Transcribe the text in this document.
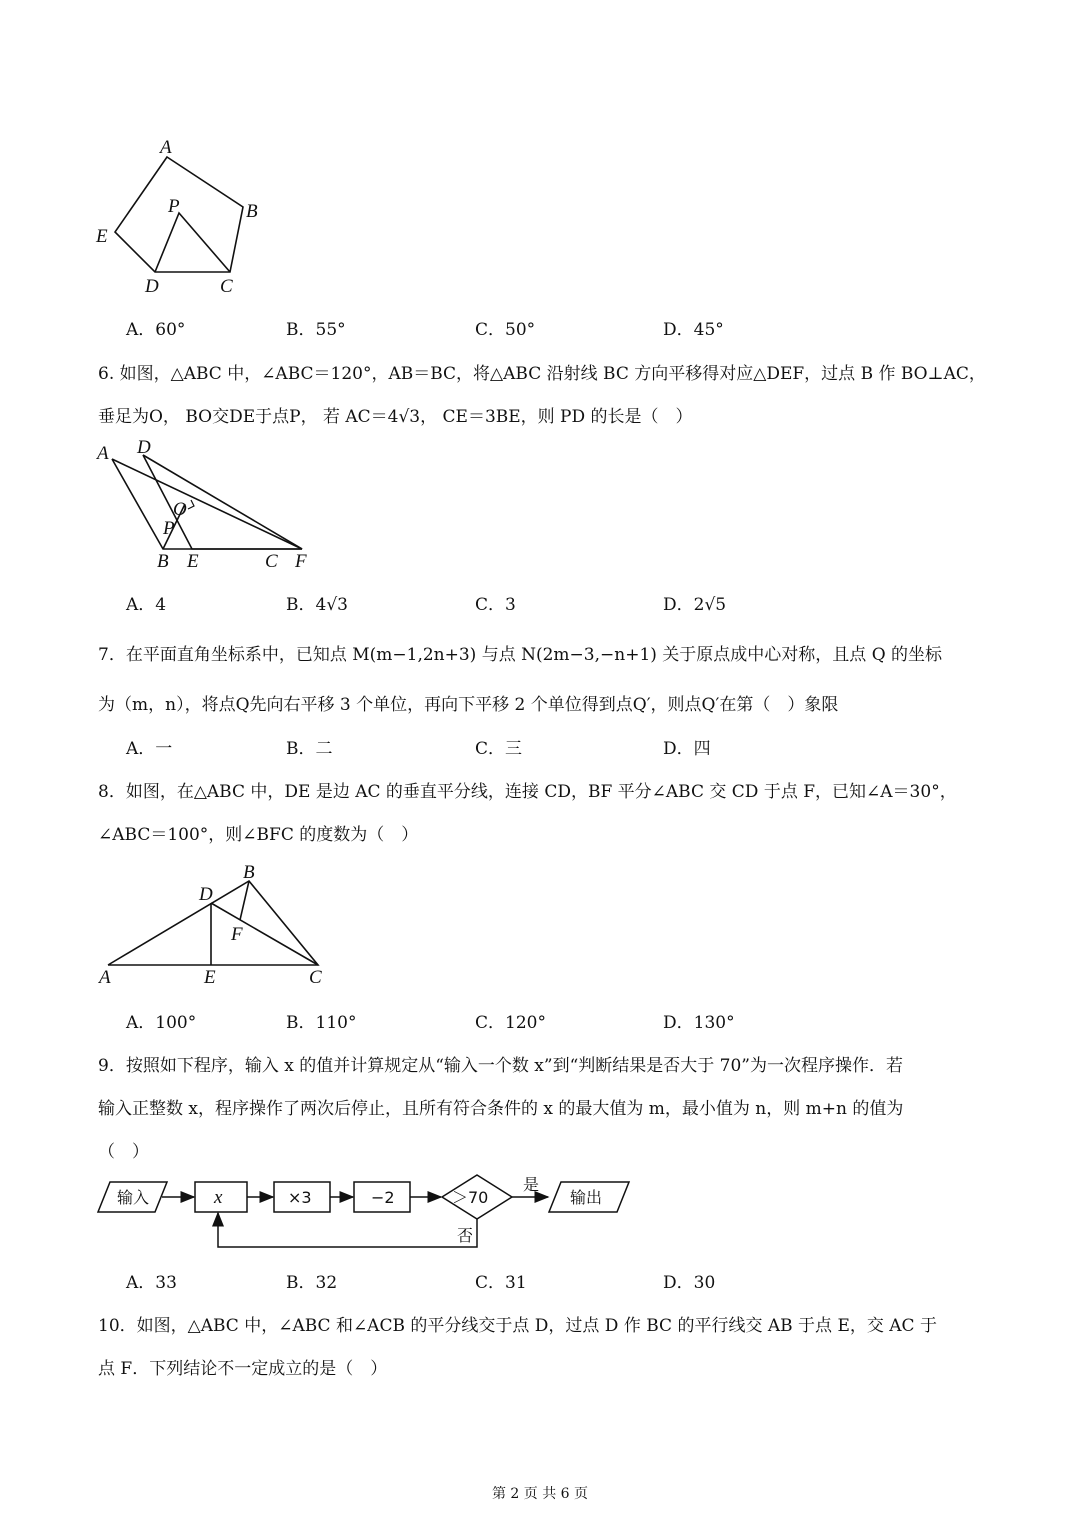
A
B
C
D
E
P
A．60°	B．55°	C．50°	D．45°
6. 如图，△ABC 中，∠ABC＝120°，AB＝BC，将△ABC 沿射线 BC 方向平移得对应△DEF，过点 B 作 BO⊥AC，
垂足为O， BO交DE于点P， 若 AC＝4√3， CE＝3BE，则 PD 的长是（　）
A D
O
P
B E	C F
A．4	B．4√3	C．3	D．2√5
7．在平面直角坐标系中，已知点 M(m−1,2n+3) 与点 N(2m−3,−n+1) 关于原点成中心对称，且点 Q 的坐标
为（m，n），将点Q先向右平移 3 个单位，再向下平移 2 个单位得到点Q′，则点Q′在第（　）象限
A．一	B．二	C．三	D．四
8．如图，在△ABC 中，DE 是边 AC 的垂直平分线，连接 CD，BF 平分∠ABC 交 CD 于点 F，已知∠A＝30°，
∠ABC＝100°，则∠BFC 的度数为（　）
B
D
F
A	E	C
A．100°	B．110°	C．120°	D．130°
9．按照如下程序，输入 x 的值并计算规定从“输入一个数 x”到“判断结果是否大于 70”为一次程序操作．若
输入正整数 x，程序操作了两次后停止，且所有符合条件的 x 的最大值为 m，最小值为 n，则 m+n 的值为
（　）
输入	x	×3	−2	＞70
是
输出
否
A．33	B．32	C．31	D．30
10．如图，△ABC 中，∠ABC 和∠ACB 的平分线交于点 D，过点 D 作 BC 的平行线交 AB 于点 E，交 AC 于
点 F．下列结论不一定成立的是（　）
第 2 页 共 6 页
